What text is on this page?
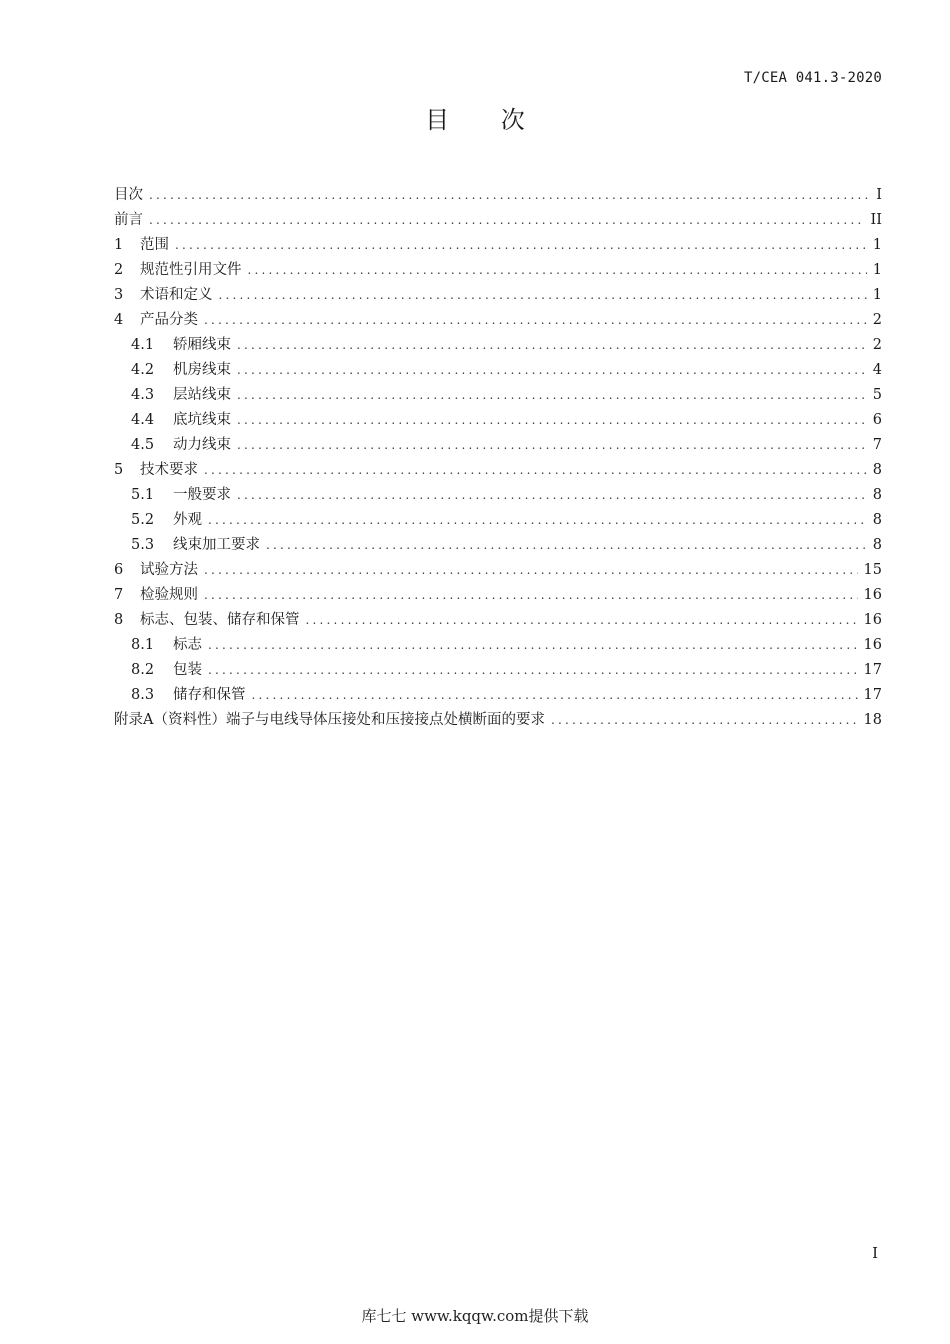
T/CEA 041.3-2020
目 次
目次 .....	I
前言 .....	II
1	范围 .....	1
2	规范性引用文件 .....	1
3	术语和定义 .....	1
4	产品分类 .....	2
4.1	轿厢线束 .....	2
4.2	机房线束 .....	4
4.3	层站线束 .....	5
4.4	底坑线束 .....	6
4.5	动力线束 .....	7
5	技术要求 .....	8
5.1	一般要求 .....	8
5.2	外观 .....	8
5.3	线束加工要求 .....	8
6	试验方法 .....	15
7	检验规则 .....	16
8	标志、包装、储存和保管 .....	16
8.1	标志 .....	16
8.2	包装 .....	17
8.3	储存和保管 .....	17
附录A（资料性）端子与电线导体压接处和压接接点处横断面的要求 .....	18
I
库七七 www.kqqw.com提供下载
